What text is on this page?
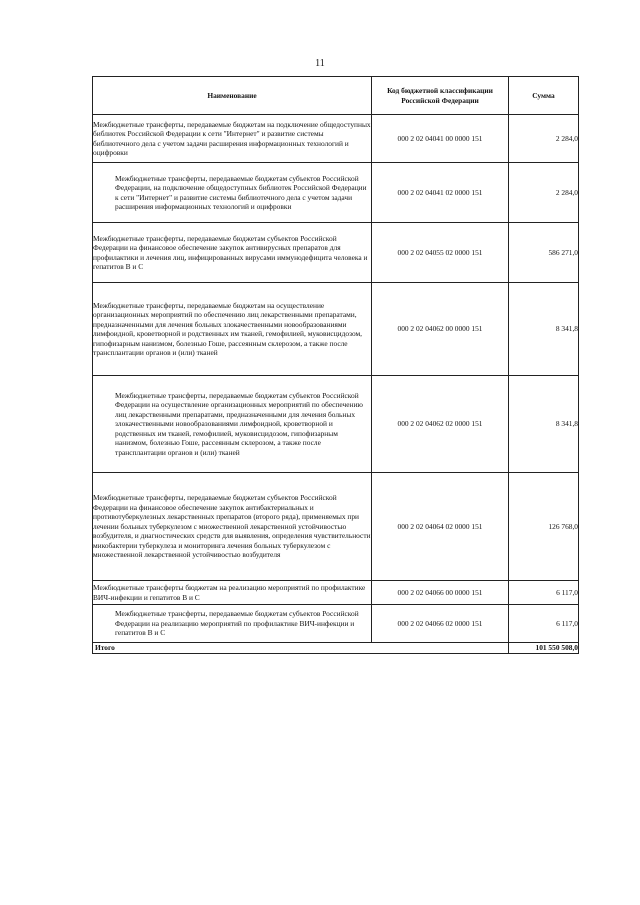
11
Наименование	Код бюджетной классификации Российской Федерации	Сумма
Межбюджетные трансферты, передаваемые бюджетам на подключение общедоступных библиотек Российской Федерации к сети "Интернет" и развитие системы библиотечного дела с учетом задачи расширения информационных технологий и оцифровки	000 2 02 04041 00 0000 151	2 284,0
Межбюджетные трансферты, передаваемые бюджетам субъектов Российской Федерации, на подключение общедоступных библиотек Российской Федерации к сети "Интернет" и развитие системы библиотечного дела с учетом задачи расширения информационных технологий и оцифровки	000 2 02 04041 02 0000 151	2 284,0
Межбюджетные трансферты, передаваемые бюджетам субъектов Российской Федерации на финансовое обеспечение закупок антивирусных препаратов для профилактики и лечения лиц, инфицированных вирусами иммунодефицита человека и гепатитов В и С	000 2 02 04055 02 0000 151	586 271,0
Межбюджетные трансферты, передаваемые бюджетам на осуществление организационных мероприятий по обеспечению лиц лекарственными препаратами, предназначенными для лечения больных злокачественными новообразованиями лимфоидной, кроветворной и родственных им тканей, гемофилией, муковисцидозом, гипофизарным нанизмом, болезнью Гоше, рассеянным склерозом, а также после трансплантации органов и (или) тканей	000 2 02 04062 00 0000 151	8 341,8
Межбюджетные трансферты, передаваемые бюджетам субъектов Российской Федерации на осуществление организационных мероприятий по обеспечению лиц лекарственными препаратами, предназначенными для лечения больных злокачественными новообразованиями лимфоидной, кроветворной и родственных им тканей, гемофилией, муковисцидозом, гипофизарным нанизмом, болезнью Гоше, рассеянным склерозом, а также после трансплантации органов и (или) тканей	000 2 02 04062 02 0000 151	8 341,8
Межбюджетные трансферты, передаваемые бюджетам субъектов Российской Федерации на финансовое обеспечение закупок антибактериальных и противотуберкулезных лекарственных препаратов (второго ряда), применяемых при лечении больных туберкулезом с множественной лекарственной устойчивостью возбудителя, и диагностических средств для выявления, определения чувствительности микобактерии туберкулеза и мониторинга лечения больных туберкулезом с множественной лекарственной устойчивостью возбудителя	000 2 02 04064 02 0000 151	126 768,0
Межбюджетные трансферты бюджетам на реализацию мероприятий по профилактике ВИЧ-инфекции и гепатитов В и С	000 2 02 04066 00 0000 151	6 117,0
Межбюджетные трансферты, передаваемые бюджетам субъектов Российской Федерации на реализацию мероприятий по профилактике ВИЧ-инфекции и гепатитов В и С	000 2 02 04066 02 0000 151	6 117,0
Итого		101 550 508,0
